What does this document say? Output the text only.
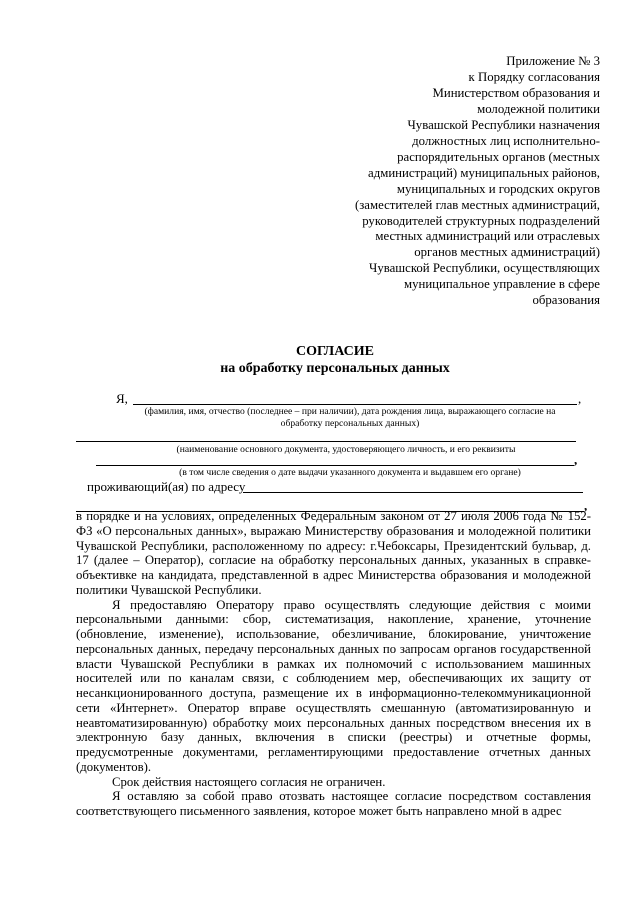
Приложение № 3
к Порядку согласования
Министерством образования и
молодежной политики
Чувашской Республики назначения
должностных лиц исполнительно-
распорядительных органов (местных
администраций) муниципальных районов,
муниципальных и городских округов
(заместителей глав местных администраций,
руководителей структурных подразделений
местных администраций или отраслевых
органов местных администраций)
Чувашской Республики, осуществляющих
муниципальное управление в сфере
образования
СОГЛАСИЕ
на обработку персональных данных
Я,	,
(фамилия, имя, отчество (последнее – при наличии), дата рождения лица, выражающего согласие на
обработку персональных данных)
(наименование основного документа, удостоверяющего личность, и его реквизиты
,
(в том числе сведения о дате выдачи указанного документа и выдавшем его органе)
проживающий(ая) по адресу
,

в порядке и на условиях, определенных Федеральным законом от 27 июля 2006 года № 152-ФЗ «О персональных данных», выражаю Министерству образования и молодежной политики Чувашской Республики, расположенному по адресу: г.Чебоксары, Президентский бульвар, д. 17 (далее – Оператор), согласие на обработку персональных данных, указанных в справке-объективке на кандидата, представленной в адрес Министерства образования и молодежной политики Чувашской Республики.

Я предоставляю Оператору право осуществлять следующие действия с моими персональными данными: сбор, систематизация, накопление, хранение, уточнение (обновление, изменение), использование, обезличивание, блокирование, уничтожение персональных данных, передачу персональных данных по запросам органов государственной власти Чувашской Республики в рамках их полномочий с использованием машинных носителей или по каналам связи, с соблюдением мер, обеспечивающих их защиту от несанкционированного доступа, размещение их в информационно-телекоммуникационной сети «Интернет». Оператор вправе осуществлять смешанную (автоматизированную и неавтоматизированную) обработку моих персональных данных посредством внесения их в электронную базу данных, включения в списки (реестры) и отчетные формы, предусмотренные документами, регламентирующими предоставление отчетных данных (документов).

Срок действия настоящего согласия не ограничен.

Я оставляю за собой право отозвать настоящее согласие посредством составления соответствующего письменного заявления, которое может быть направлено мной в адрес
